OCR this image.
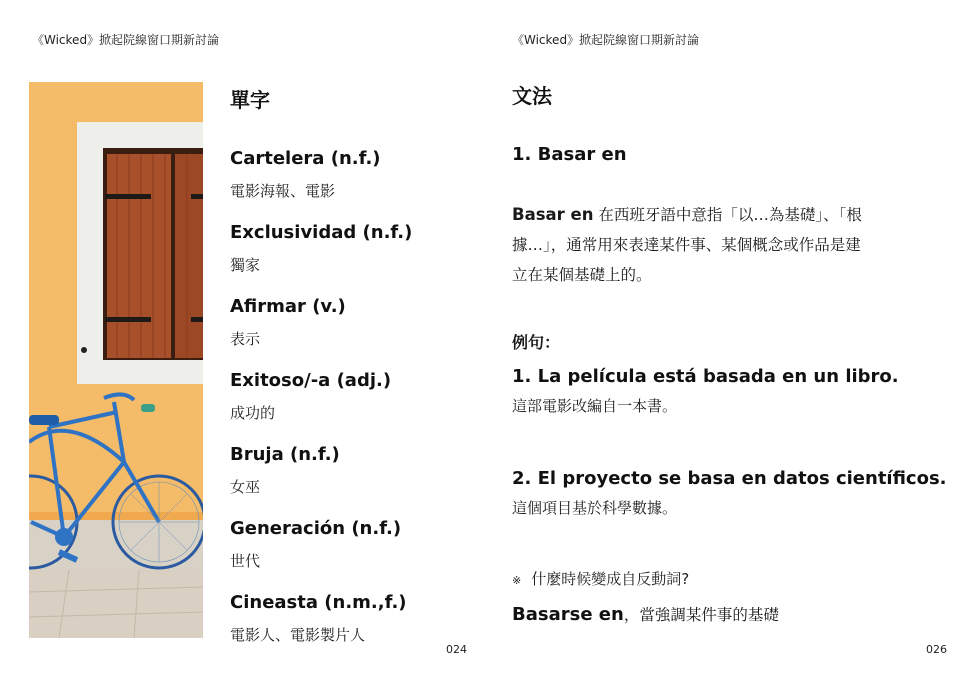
《Wicked》掀起院線窗口期新討論
單字
Cartelera (n.f.)
電影海報、電影
Exclusividad (n.f.)
獨家
Afirmar (v.)
表示
Exitoso/-a (adj.)
成功的
Bruja (n.f.)
女巫
Generación (n.f.)
世代
Cineasta (n.m.,f.)
電影人、電影製片人
024
《Wicked》掀起院線窗口期新討論
文法
1. Basar en
Basar en 在西班牙語中意指「以…為基礎」、「根
據…」，通常用來表達某件事、某個概念或作品是建
立在某個基礎上的。
例句：
1. La película está basada en un libro.
這部電影改編自一本書。
2. El proyecto se basa en datos científicos.
這個項目基於科學數據。
※ 什麼時候變成自反動詞?
Basarse en，當強調某件事的基礎
026
